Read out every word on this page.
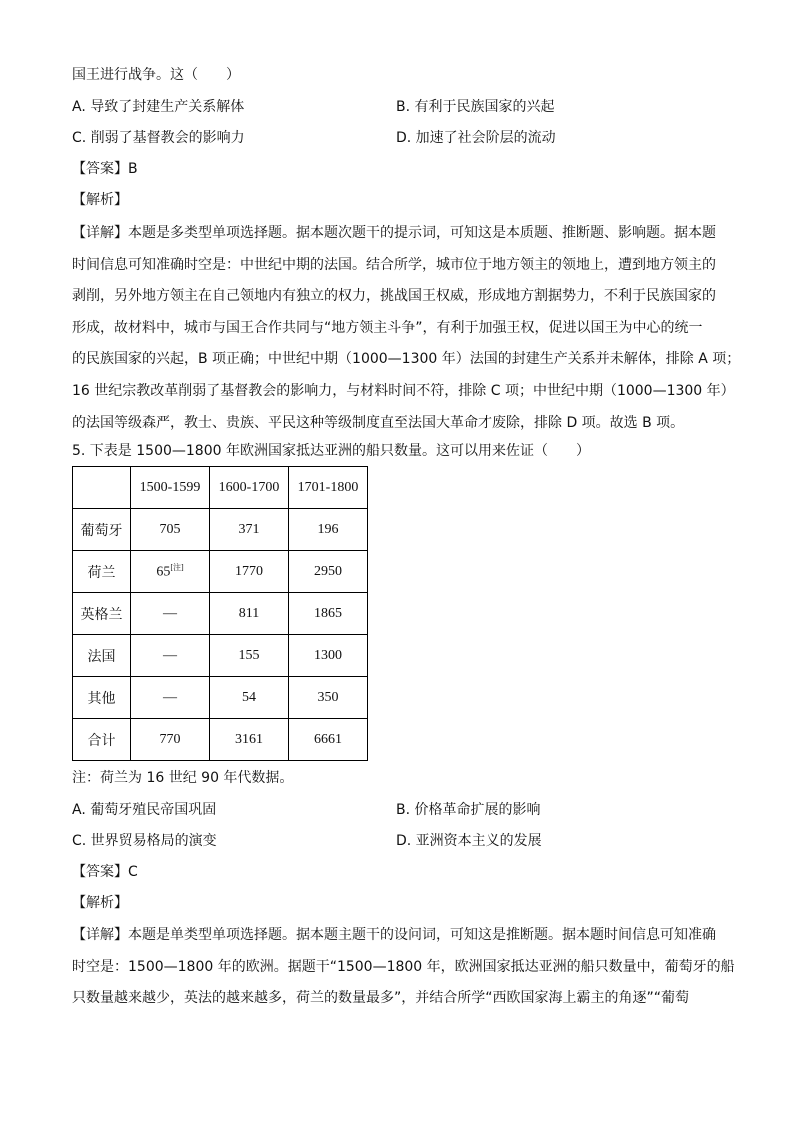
国王进行战争。这（　　）
A. 导致了封建生产关系解体	B. 有利于民族国家的兴起
C. 削弱了基督教会的影响力	D. 加速了社会阶层的流动
【答案】B
【解析】
【详解】本题是多类型单项选择题。据本题次题干的提示词，可知这是本质题、推断题、影响题。据本题
时间信息可知准确时空是：中世纪中期的法国。结合所学，城市位于地方领主的领地上，遭到地方领主的
剥削，另外地方领主在自己领地内有独立的权力，挑战国王权威，形成地方割据势力，不利于民族国家的
形成，故材料中，城市与国王合作共同与“地方领主斗争”，有利于加强王权，促进以国王为中心的统一
的民族国家的兴起，B 项正确；中世纪中期（1000—1300 年）法国的封建生产关系并未解体，排除 A 项；
16 世纪宗教改革削弱了基督教会的影响力，与材料时间不符，排除 C 项；中世纪中期（1000—1300 年）
的法国等级森严，教士、贵族、平民这种等级制度直至法国大革命才废除，排除 D 项。故选 B 项。
5. 下表是 1500—1800 年欧洲国家抵达亚洲的船只数量。这可以用来佐证（　　）
	1500-1599	1600-1700	1701-1800
葡萄牙	705	371	196
荷兰	65[注]	1770	2950
英格兰	—	811	1865
法国	—	155	1300
其他	—	54	350
合计	770	3161	6661
注：荷兰为 16 世纪 90 年代数据。
A. 葡萄牙殖民帝国巩固	B. 价格革命扩展的影响
C. 世界贸易格局的演变	D. 亚洲资本主义的发展
【答案】C
【解析】
【详解】本题是单类型单项选择题。据本题主题干的设问词，可知这是推断题。据本题时间信息可知准确
时空是：1500—1800 年的欧洲。据题干“1500—1800 年，欧洲国家抵达亚洲的船只数量中，葡萄牙的船
只数量越来越少，英法的越来越多，荷兰的数量最多”，并结合所学“西欧国家海上霸主的角逐”“葡萄
